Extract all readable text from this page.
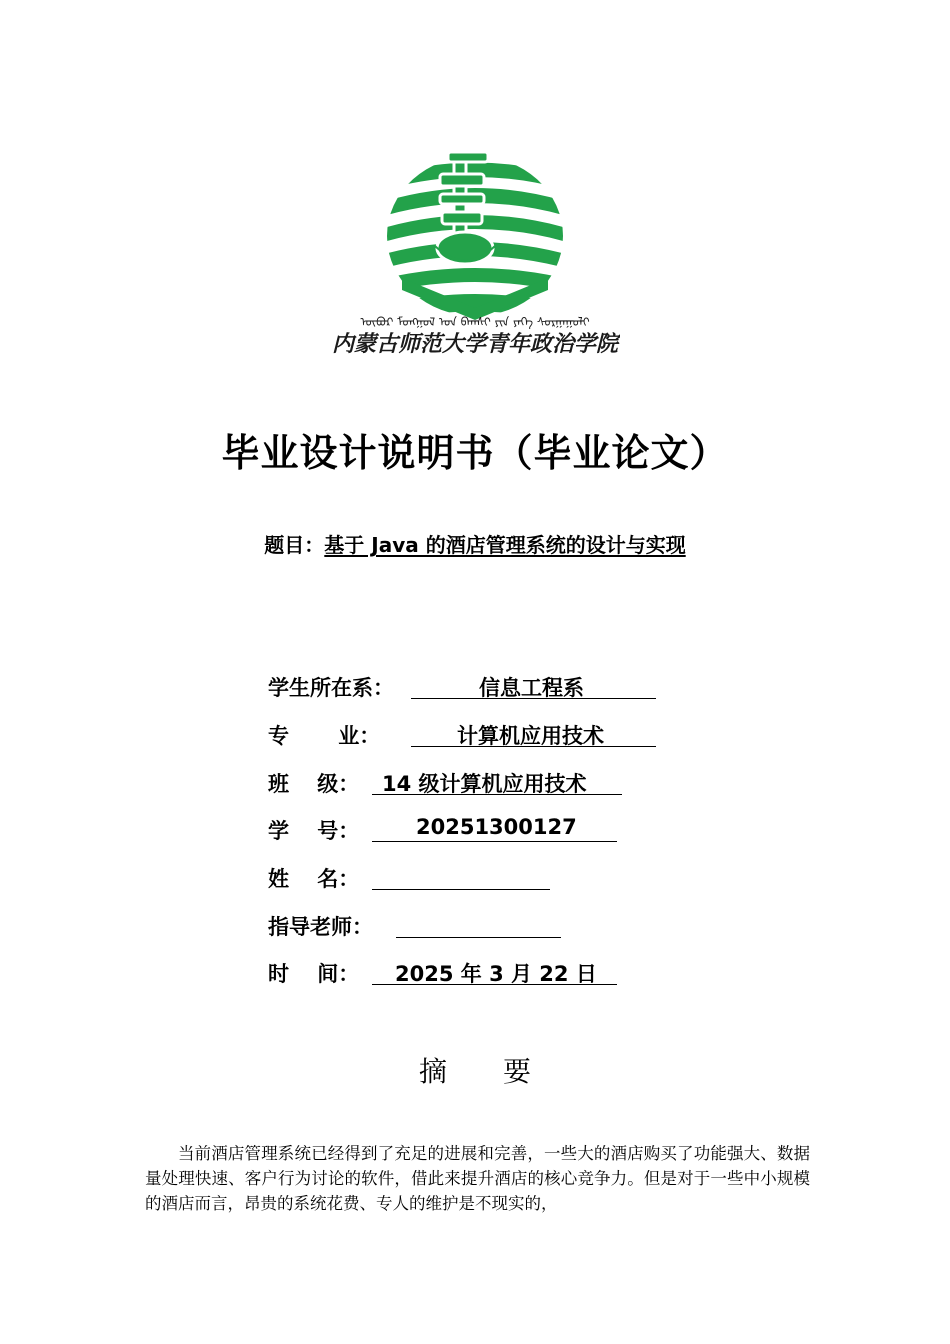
ᠥᠪᠦᠷ ᠮᠣᠩᠭᠣᠯ ᠤᠨ ᠪᠠᠭᠰᠢ ᠶᠢᠨ ᠶᠡᠬᠡ ᠰᠤᠷᠭᠠᠭᠤᠯᠢ
内蒙古师范大学青年政治学院
毕业设计说明书（毕业论文）
题目：基于 Java 的酒店管理系统的设计与实现
学生所在系：	信息工程系
专　　 业：	计算机应用技术
班　 级： 14 级计算机应用技术
学　 号：	20251300127
姓　 名：
指导老师：
时　 间： 2025 年 3 月 22 日
摘　　要
当前酒店管理系统已经得到了充足的进展和完善，一些大的酒店购买了功能强大、数据量处理快速、客户行为讨论的软件，借此来提升酒店的核心竞争力。但是对于一些中小规模的酒店而言，昂贵的系统花费、专人的维护是不现实的，
